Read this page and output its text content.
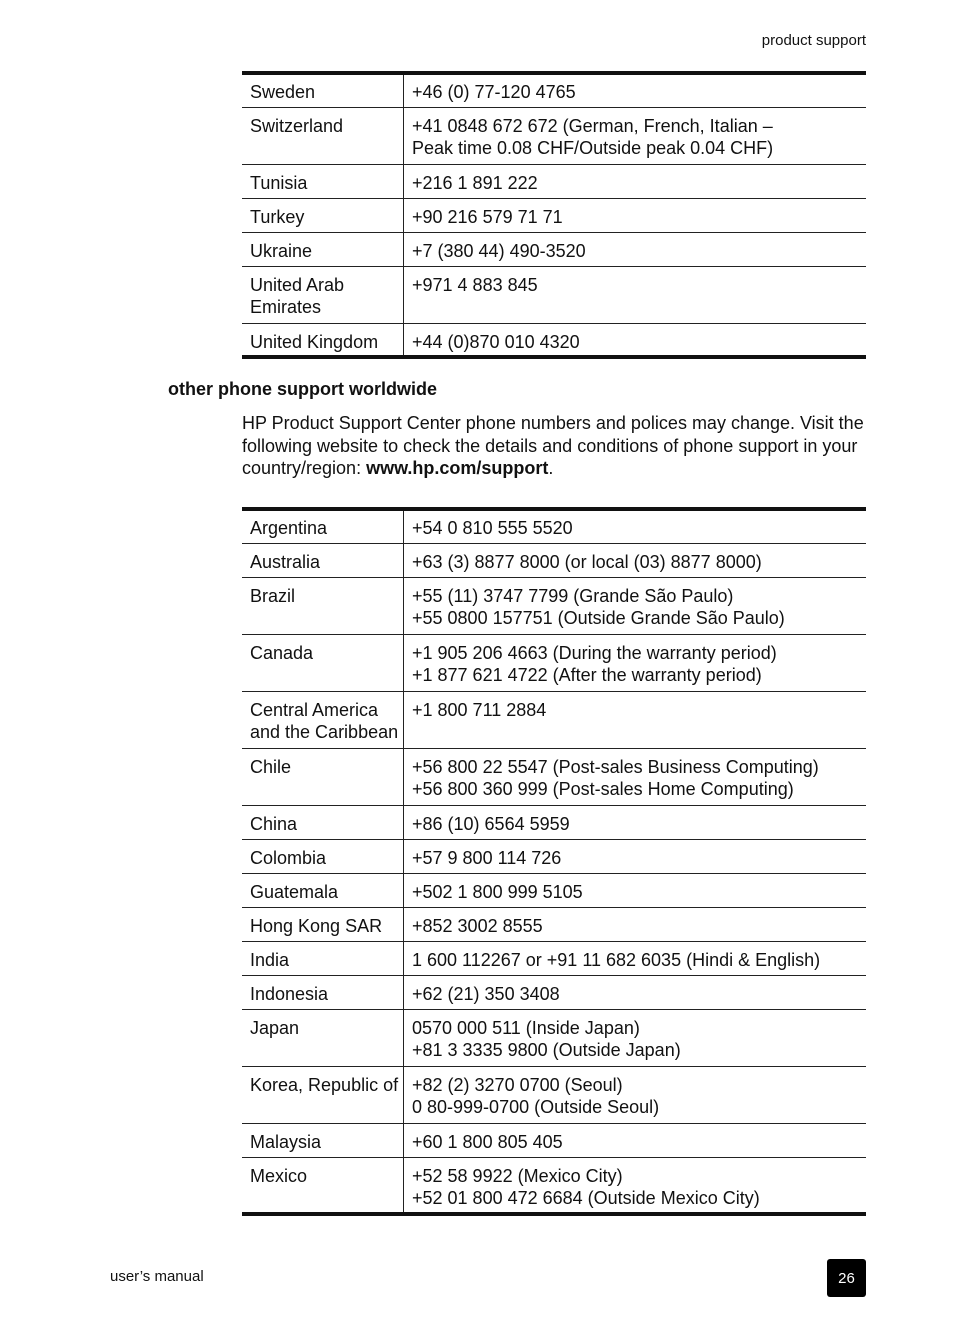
product support
Sweden	+46 (0) 77-120 4765

Switzerland	+41 0848 672 672 (German, French, Italian –
Peak time 0.08 CHF/Outside peak 0.04 CHF)

Tunisia	+216 1 891 222

Turkey	+90 216 579 71 71

Ukraine	+7 (380 44) 490-3520

United Arab
Emirates	+971 4 883 845

United Kingdom	+44 (0)870 010 4320
other phone support worldwide

HP Product Support Center phone numbers and polices may change. Visit the following website to check the details and conditions of phone support in your country/region: www.hp.com/support.

Argentina	+54 0 810 555 5520

Australia	+63 (3) 8877 8000 (or local (03) 8877 8000)

Brazil	+55 (11) 3747 7799 (Grande São Paulo)
+55 0800 157751 (Outside Grande São Paulo)

Canada	+1 905 206 4663 (During the warranty period)
+1 877 621 4722 (After the warranty period)

Central America
and the Caribbean	+1 800 711 2884

Chile	+56 800 22 5547 (Post-sales Business Computing)
+56 800 360 999 (Post-sales Home Computing)

China	+86 (10) 6564 5959

Colombia	+57 9 800 114 726

Guatemala	+502 1 800 999 5105

Hong Kong SAR	+852 3002 8555

India	1 600 112267 or +91 11 682 6035 (Hindi & English)

Indonesia	+62 (21) 350 3408

Japan	0570 000 511 (Inside Japan)
+81 3 3335 9800 (Outside Japan)

Korea, Republic of	+82 (2) 3270 0700 (Seoul)
0 80-999-0700 (Outside Seoul)

Malaysia	+60 1 800 805 405

Mexico	+52 58 9922 (Mexico City)
+52 01 800 472 6684 (Outside Mexico City)
user’s manual	26
